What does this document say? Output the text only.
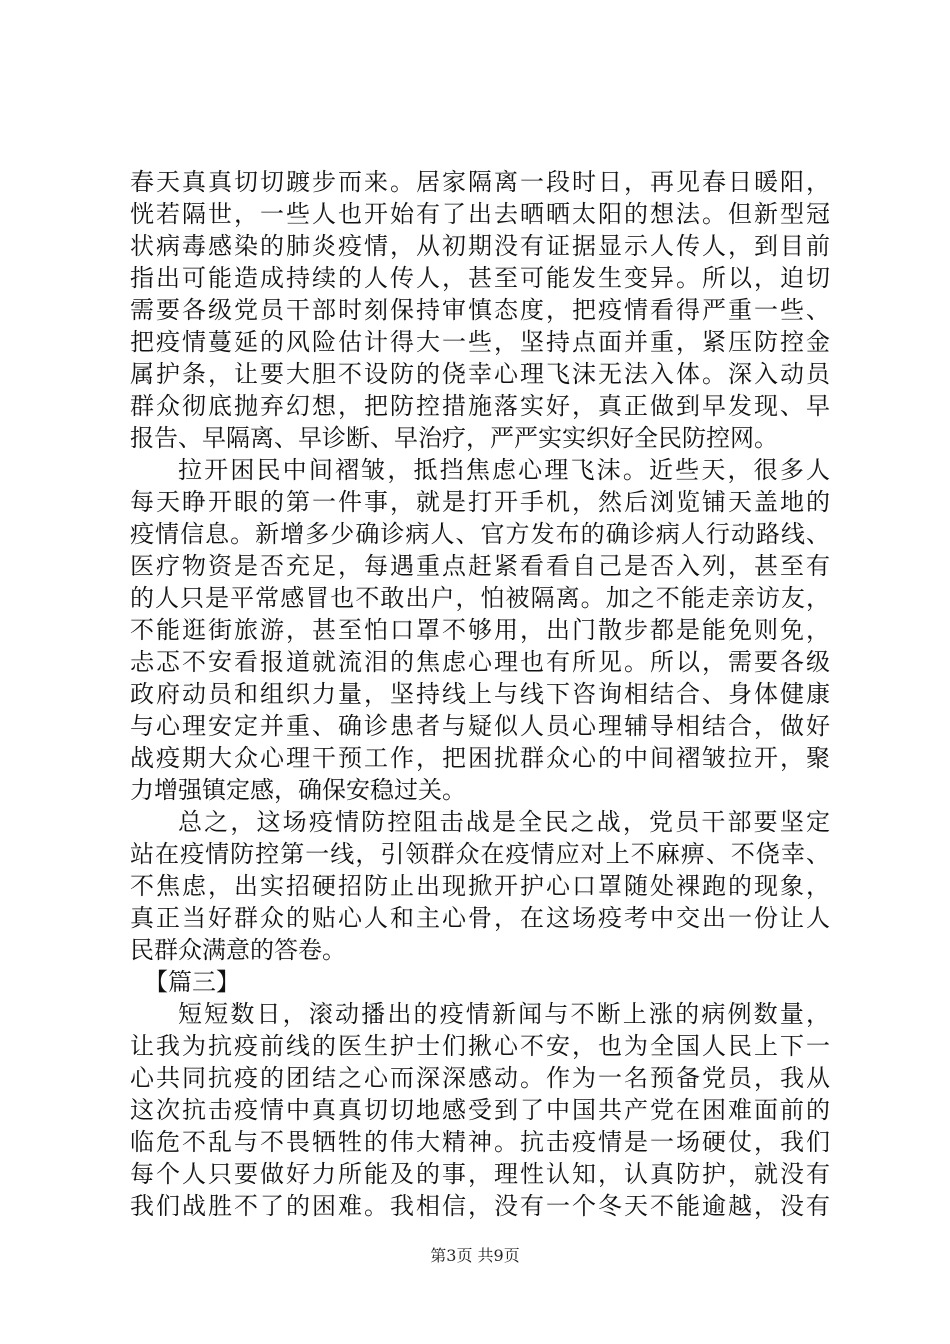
春天真真切切踱步而来。居家隔离一段时日，再见春日暖阳，
恍若隔世，一些人也开始有了出去晒晒太阳的想法。但新型冠
状病毒感染的肺炎疫情，从初期没有证据显示人传人，到目前
指出可能造成持续的人传人，甚至可能发生变异。所以，迫切
需要各级党员干部时刻保持审慎态度，把疫情看得严重一些、
把疫情蔓延的风险估计得大一些，坚持点面并重，紧压防控金
属护条，让要大胆不设防的侥幸心理飞沫无法入体。深入动员
群众彻底抛弃幻想，把防控措施落实好，真正做到早发现、早
报告、早隔离、早诊断、早治疗，严严实实织好全民防控网。
拉开困民中间褶皱，抵挡焦虑心理飞沫。近些天，很多人
每天睁开眼的第一件事，就是打开手机，然后浏览铺天盖地的
疫情信息。新增多少确诊病人、官方发布的确诊病人行动路线、
医疗物资是否充足，每遇重点赶紧看看自己是否入列，甚至有
的人只是平常感冒也不敢出户，怕被隔离。加之不能走亲访友，
不能逛街旅游，甚至怕口罩不够用，出门散步都是能免则免，
忐忑不安看报道就流泪的焦虑心理也有所见。所以，需要各级
政府动员和组织力量，坚持线上与线下咨询相结合、身体健康
与心理安定并重、确诊患者与疑似人员心理辅导相结合，做好
战疫期大众心理干预工作，把困扰群众心的中间褶皱拉开，聚
力增强镇定感，确保安稳过关。
总之，这场疫情防控阻击战是全民之战，党员干部要坚定
站在疫情防控第一线，引领群众在疫情应对上不麻痹、不侥幸、
不焦虑，出实招硬招防止出现掀开护心口罩随处裸跑的现象，
真正当好群众的贴心人和主心骨，在这场疫考中交出一份让人
民群众满意的答卷。
【篇三】
短短数日，滚动播出的疫情新闻与不断上涨的病例数量，
让我为抗疫前线的医生护士们揪心不安，也为全国人民上下一
心共同抗疫的团结之心而深深感动。作为一名预备党员，我从
这次抗击疫情中真真切切地感受到了中国共产党在困难面前的
临危不乱与不畏牺牲的伟大精神。抗击疫情是一场硬仗，我们
每个人只要做好力所能及的事，理性认知，认真防护，就没有
我们战胜不了的困难。我相信，没有一个冬天不能逾越，没有
第3页 共9页
